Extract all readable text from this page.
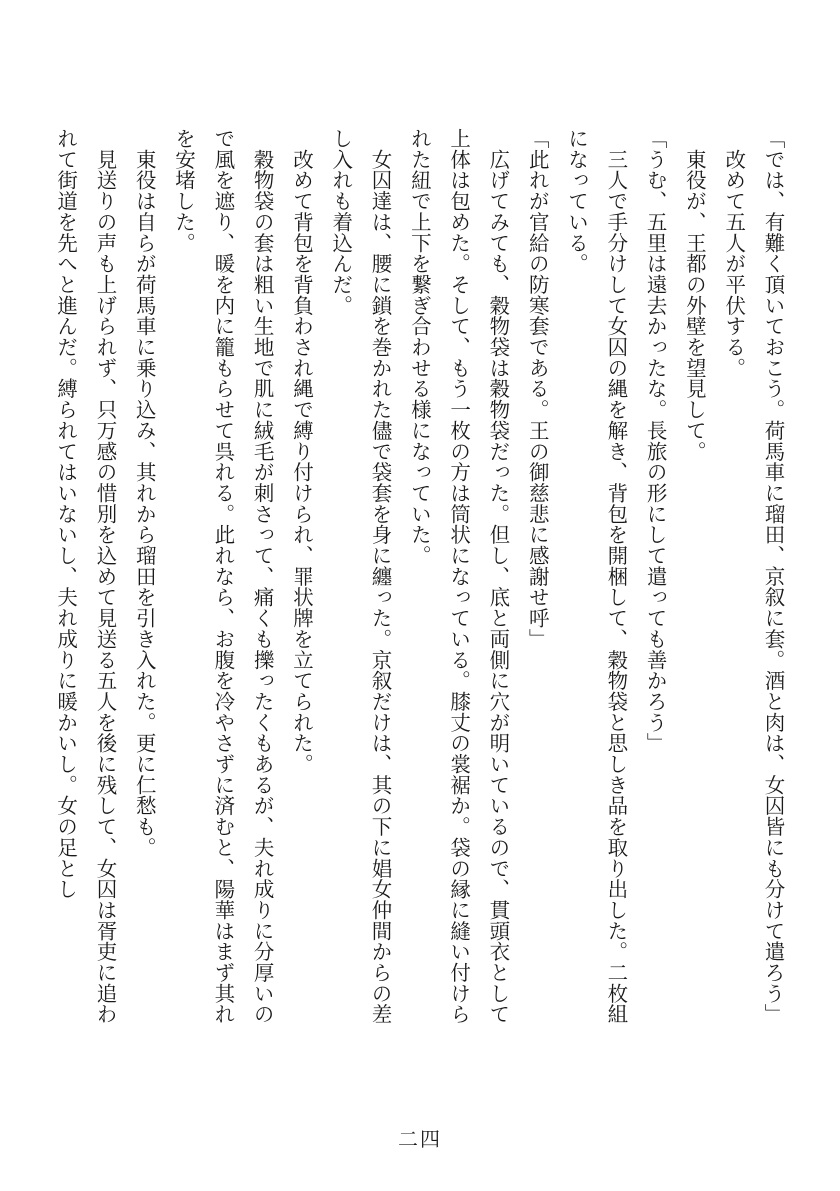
「では、有難く頂いておこう。荷馬車に瑠田、京叙に套。酒と肉は、女囚皆にも分けて遣ろう」

　改めて五人が平伏する。

　東役が、王都の外壁を望見して。

「うむ、五里は遠去かったな。長旅の形にして遣っても善かろう」

　三人で手分けして女囚の縄を解き、背包を開梱して、穀物袋と思しき品を取り出した。二枚組になっている。

「此れが官給の防寒套である。王の御慈悲に感謝せ呼」

　広げてみても、穀物袋は穀物袋だった。但し、底と両側に穴が明いているので、貫頭衣として上体は包めた。そして、もう一枚の方は筒状になっている。膝丈の裳裾か。袋の縁に縫い付けられた紐で上下を繋ぎ合わせる様になっていた。

　女囚達は、腰に鎖を巻かれた儘で袋套を身に纏った。京叙だけは、其の下に娼女仲間からの差し入れも着込んだ。

　改めて背包を背負わされ縄で縛り付けられ、罪状牌を立てられた。

　穀物袋の套は粗い生地で肌に絨毛が刺さって、痛くも擽ったくもあるが、夫れ成りに分厚いので風を遮り、暖を内に籠もらせて呉れる。此れなら、お腹を冷やさずに済むと、陽華はまず其れを安堵した。

　東役は自らが荷馬車に乗り込み、其れから瑠田を引き入れた。更に仁愁も。

　見送りの声も上げられず、只万感の惜別を込めて見送る五人を後に残して、女囚は胥吏に追われて街道を先へと進んだ。縛られてはいないし、夫れ成りに暖かいし。女の足とし

二四
